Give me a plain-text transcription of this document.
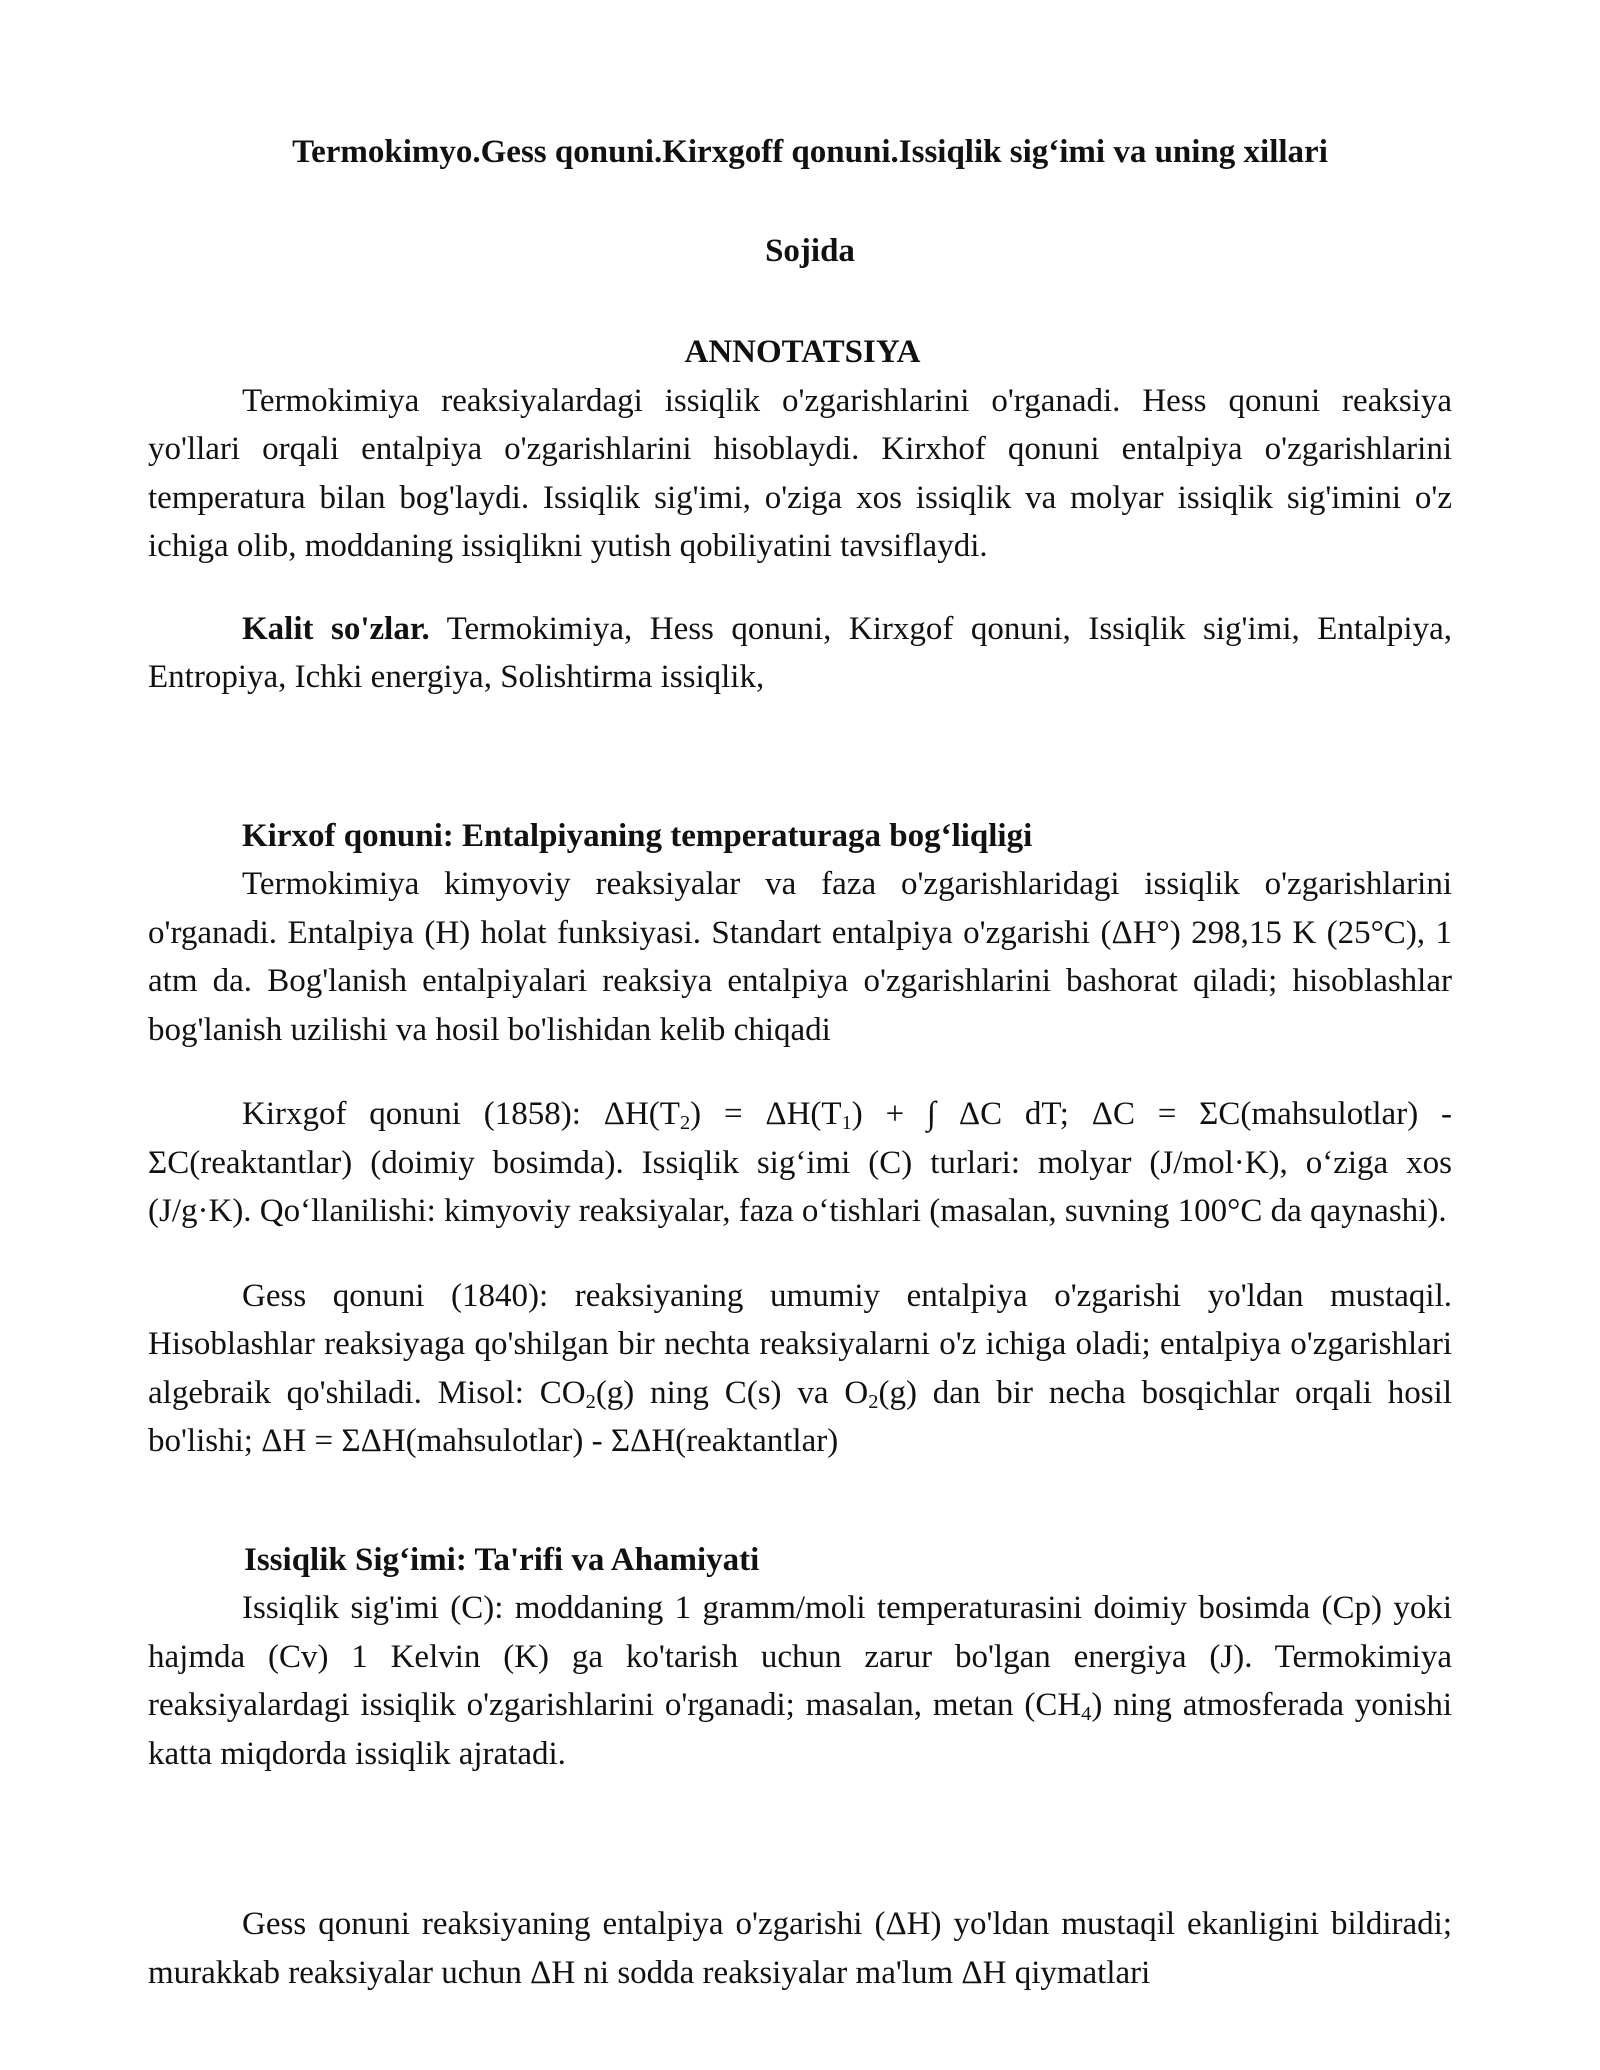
Termokimyo.Gess qonuni.Kirxgoff qonuni.Issiqlik sig‘imi va uning xillari
Sojida
ANNOTATSIYA

Termokimiya reaksiyalardagi issiqlik o'zgarishlarini o'rganadi. Hess qonuni reaksiya yo'llari orqali entalpiya o'zgarishlarini hisoblaydi. Kirxhof qonuni entalpiya o'zgarishlarini temperatura bilan bog'laydi. Issiqlik sig'imi, o'ziga xos issiqlik va molyar issiqlik sig'imini o'z ichiga olib, moddaning issiqlikni yutish qobiliyatini tavsiflaydi.

Kalit so'zlar. Termokimiya, Hess qonuni, Kirxgof qonuni, Issiqlik sig'imi, Entalpiya, Entropiya, Ichki energiya, Solishtirma issiqlik,

Kirxof qonuni: Entalpiyaning temperaturaga bog‘liqligi

Termokimiya kimyoviy reaksiyalar va faza o'zgarishlaridagi issiqlik o'zgarishlarini o'rganadi. Entalpiya (H) holat funksiyasi. Standart entalpiya o'zgarishi (ΔH°) 298,15 K (25°C), 1 atm da. Bog'lanish entalpiyalari reaksiya entalpiya o'zgarishlarini bashorat qiladi; hisoblashlar bog'lanish uzilishi va hosil bo'lishidan kelib chiqadi

Kirxgof qonuni (1858): $\Delta H(T_2) = \Delta H(T_1)$ + ∫ ΔC dT; ΔC = ΣC(mahsulotlar) - ΣC(reaktantlar) (doimiy bosimda). Issiqlik sig‘imi (C) turlari: molyar (J/mol·K), o‘ziga xos (J/g·K). Qo‘llanilishi: kimyoviy reaksiyalar, faza o‘tishlari (masalan, suvning 100°C da qaynashi).

Gess qonuni (1840): reaksiyaning umumiy entalpiya o'zgarishi yo'ldan mustaqil. Hisoblashlar reaksiyaga qo'shilgan bir nechta reaksiyalarni o'z ichiga oladi; entalpiya o'zgarishlari algebraik qo'shiladi. Misol: $CO_2(g)$ ning C(s) va $O_2(g)$ dan bir necha bosqichlar orqali hosil bo'lishi; ΔH = ΣΔH(mahsulotlar) - ΣΔH(reaktantlar)

Issiqlik Sig‘imi: Ta'rifi va Ahamiyati

Issiqlik sig'imi (C): moddaning 1 gramm/moli temperaturasini doimiy bosimda (Cp) yoki hajmda (Cv) 1 Kelvin (K) ga ko'tarish uchun zarur bo'lgan energiya (J). Termokimiya reaksiyalardagi issiqlik o'zgarishlarini o'rganadi; masalan, metan $(CH_4)$ ning atmosferada yonishi katta miqdorda issiqlik ajratadi.

Gess qonuni reaksiyaning entalpiya o'zgarishi (ΔH) yo'ldan mustaqil ekanligini bildiradi; murakkab reaksiyalar uchun ΔH ni sodda reaksiyalar ma'lum ΔH qiymatlari
